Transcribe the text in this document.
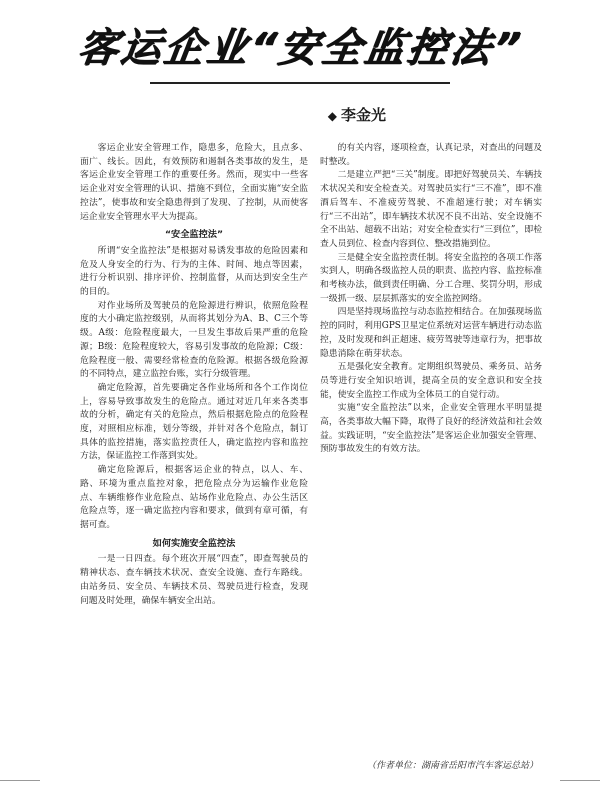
客运企业“安全监控法”
◆ 李金光

客运企业安全管理工作，隐患多，危险大，且点多、面广、线长。因此，有效预防和遏制各类事故的发生，是客运企业安全管理工作的重要任务。然而，现实中一些客运企业对安全管理的认识、措施不到位，全面实施“安全监控法”，使事故和安全隐患得到了发现、了控制，从而使客运企业安全管理水平大为提高。

“安全监控法”

所谓“安全监控法”是根据对易诱发事故的危险因素和危及人身安全的行为、行为的主体、时间、地点等因素，进行分析识别、排序评价、控制监督，从而达到安全生产的目的。

对作业场所及驾驶员的危险源进行辨识，依照危险程度的大小确定监控级别，从而将其划分为A、B、C三个等级。A级：危险程度最大，一旦发生事故后果严重的危险源；B级：危险程度较大，容易引发事故的危险源；C级：危险程度一般、需要经常检查的危险源。根据各级危险源的不同特点，建立监控台账，实行分级管理。

确定危险源，首先要确定各作业场所和各个工作岗位上，容易导致事故发生的危险点。通过对近几年来各类事故的分析，确定有关的危险点，然后根据危险点的危险程度，对照相应标准，划分等级，并针对各个危险点，制订具体的监控措施，落实监控责任人，确定监控内容和监控方法，保证监控工作落到实处。

确定危险源后，根据客运企业的特点，以人、车、路、环境为重点监控对象，把危险点分为运输作业危险点、车辆维修作业危险点、站场作业危险点、办公生活区危险点等，逐一确定监控内容和要求，做到有章可循，有据可查。

如何实施安全监控法

一是一日四查。每个班次开展“四查”，即查驾驶员的精神状态、查车辆技术状况、查安全设施、查行车路线。由站务员、安全员、车辆技术员、驾驶员进行检查，发现问题及时处理，确保车辆安全出站。

的有关内容，逐项检查，认真记录，对查出的问题及时整改。

二是建立严把“三关”制度。即把好驾驶员关、车辆技术状况关和安全检查关。对驾驶员实行“三不准”，即不准酒后驾车、不准疲劳驾驶、不准超速行驶；对车辆实行“三不出站”，即车辆技术状况不良不出站、安全设施不全不出站、超载不出站；对安全检查实行“三到位”，即检查人员到位、检查内容到位、整改措施到位。

三是健全安全监控责任制。将安全监控的各项工作落实到人，明确各级监控人员的职责、监控内容、监控标准和考核办法，做到责任明确、分工合理、奖罚分明，形成一级抓一级、层层抓落实的安全监控网络。

四是坚持现场监控与动态监控相结合。在加强现场监控的同时，利用GPS卫星定位系统对运营车辆进行动态监控，及时发现和纠正超速、疲劳驾驶等违章行为，把事故隐患消除在萌芽状态。

五是强化安全教育。定期组织驾驶员、乘务员、站务员等进行安全知识培训，提高全员的安全意识和安全技能，使安全监控工作成为全体员工的自觉行动。

实施“安全监控法”以来，企业安全管理水平明显提高，各类事故大幅下降，取得了良好的经济效益和社会效益。实践证明，“安全监控法”是客运企业加强安全管理、预防事故发生的有效方法。

（作者单位：湖南省岳阳市汽车客运总站）
